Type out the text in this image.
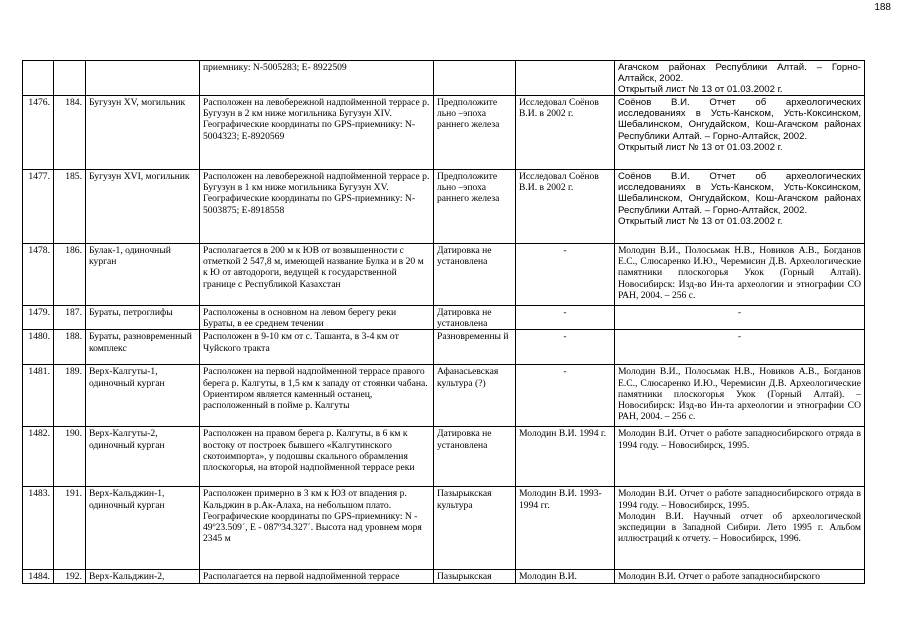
188
			приемнику: N-5005283; E- 8922509			Агачском районах Республики Алтай. – Горно-Алтайск, 2002.
Открытый лист № 13 от 01.03.2002 г.

1476.	184.	Бугузун XV, могильник	Расположен на левобережной надпойменной террасе р. Бугузун в 2 км ниже могильника Бугузун XIV. Географические координаты по GPS-приемнику: N-5004323; E-8920569	Предположите льно –эпоха раннего железа	Исследовал Сoёнов В.И. в 2002 г.	Соёнов В.И. Отчет об археологических исследованиях в Усть-Канском, Усть-Коксинском, Шебалинском, Онгудайском, Кош-Агачском районах Республики Алтай. – Горно-Алтайск, 2002.
Открытый лист № 13 от 01.03.2002 г.

1477.	185.	Бугузун XVI, могильник	Расположен на левобережной надпойменной террасе р. Бугузун в 1 км ниже могильника Бугузун XV. Географические координаты по GPS-приемнику: N-5003875; E-8918558	Предположите льно –эпоха раннего железа	Исследовал Соёнов В.И. в 2002 г.	Соёнов В.И. Отчет об археологических исследованиях в Усть-Канском, Усть-Коксинском, Шебалинском, Онгудайском, Кош-Агачском районах Республики Алтай. – Горно-Алтайск, 2002.
Открытый лист № 13 от 01.03.2002 г.

1478.	186.	Булак-1, одиночный курган	Располагается в 200 м к ЮВ от возвышенности с отметкой 2 547,8 м, имеющей название Булка и в 20 м к Ю от автодороги, ведущей к государственной границе с Республикой Казахстан	Датировка не установлена	-	Молодин В.И., Полосьмак Н.В., Новиков А.В., Богданов Е.С., Слюсаренко И.Ю., Черемисин Д.В. Археологические памятники плоскогорья Укок (Горный Алтай). Новосибирск: Изд-во Ин-та археологии и этнографии СО РАН, 2004. – 256 с.

1479.	187.	Бураты, петроглифы	Расположены в основном на левом берегу реки Бураты, в ее среднем течении	Датировка не установлена	-	-

1480.	188.	Бураты, разновременный комплекс	Расположен в 9-10 км от с. Ташанта, в 3-4 км от Чуйского тракта	Разновременны й	-	-

1481.	189.	Верх-Калгуты-1, одиночный курган	Расположен на первой надпойменной террасе правого берега р. Калгуты, в 1,5 км к западу от стоянки чабана. Ориентиром является каменный останец, расположенный в пойме р. Калгуты	Афанасьевская культура (?)	-	Молодин В.И., Полосьмак Н.В., Новиков А.В., Богданов Е.С., Слюсаренко И.Ю., Черемисин Д.В. Археологические памятники плоскогорья Укок (Горный Алтай). – Новосибирск: Изд-во Ин-та археологии и этнографии СО РАН, 2004. – 256 с.

1482.	190.	Верх-Калгуты-2, одиночный курган	Расположен на правом берега р. Калгуты, в 6 км к востоку от построек бывшего «Калгутинского скотоимпорта», у подошвы скального обрамления плоскогорья, на второй надпойменной террасе реки	Датировка не установлена	Молодин В.И. 1994 г.	Молодин В.И. Отчет о работе западносибирского отряда в 1994 году. – Новосибирск, 1995.

1483.	191.	Верх-Кальджин-1, одиночный курган	Расположен примерно в 3 км к ЮЗ от впадения р. Кальджин в р.Ак-Алаха, на небольшом плато. Географические координаты по GPS-приемнику: N - 49º23.509´, E - 087º34.327´. Высота над уровнем моря 2345 м	Пазырыкская культура	Молодин В.И. 1993-1994 гг.	Молодин В.И. Отчет о работе западносибирского отряда в 1994 году. – Новосибирск, 1995.
Молодин В.И. Научный отчет об археологической экспедиции в Западной Сибири. Лето 1995 г. Альбом иллюстраций к отчету. – Новосибирск, 1996.

1484.	192.	Верх-Кальджин-2,	Располагается на первой надпойменной террасе	Пазырыкская	Молодин В.И.	Молодин В.И. Отчет о работе западносибирского
